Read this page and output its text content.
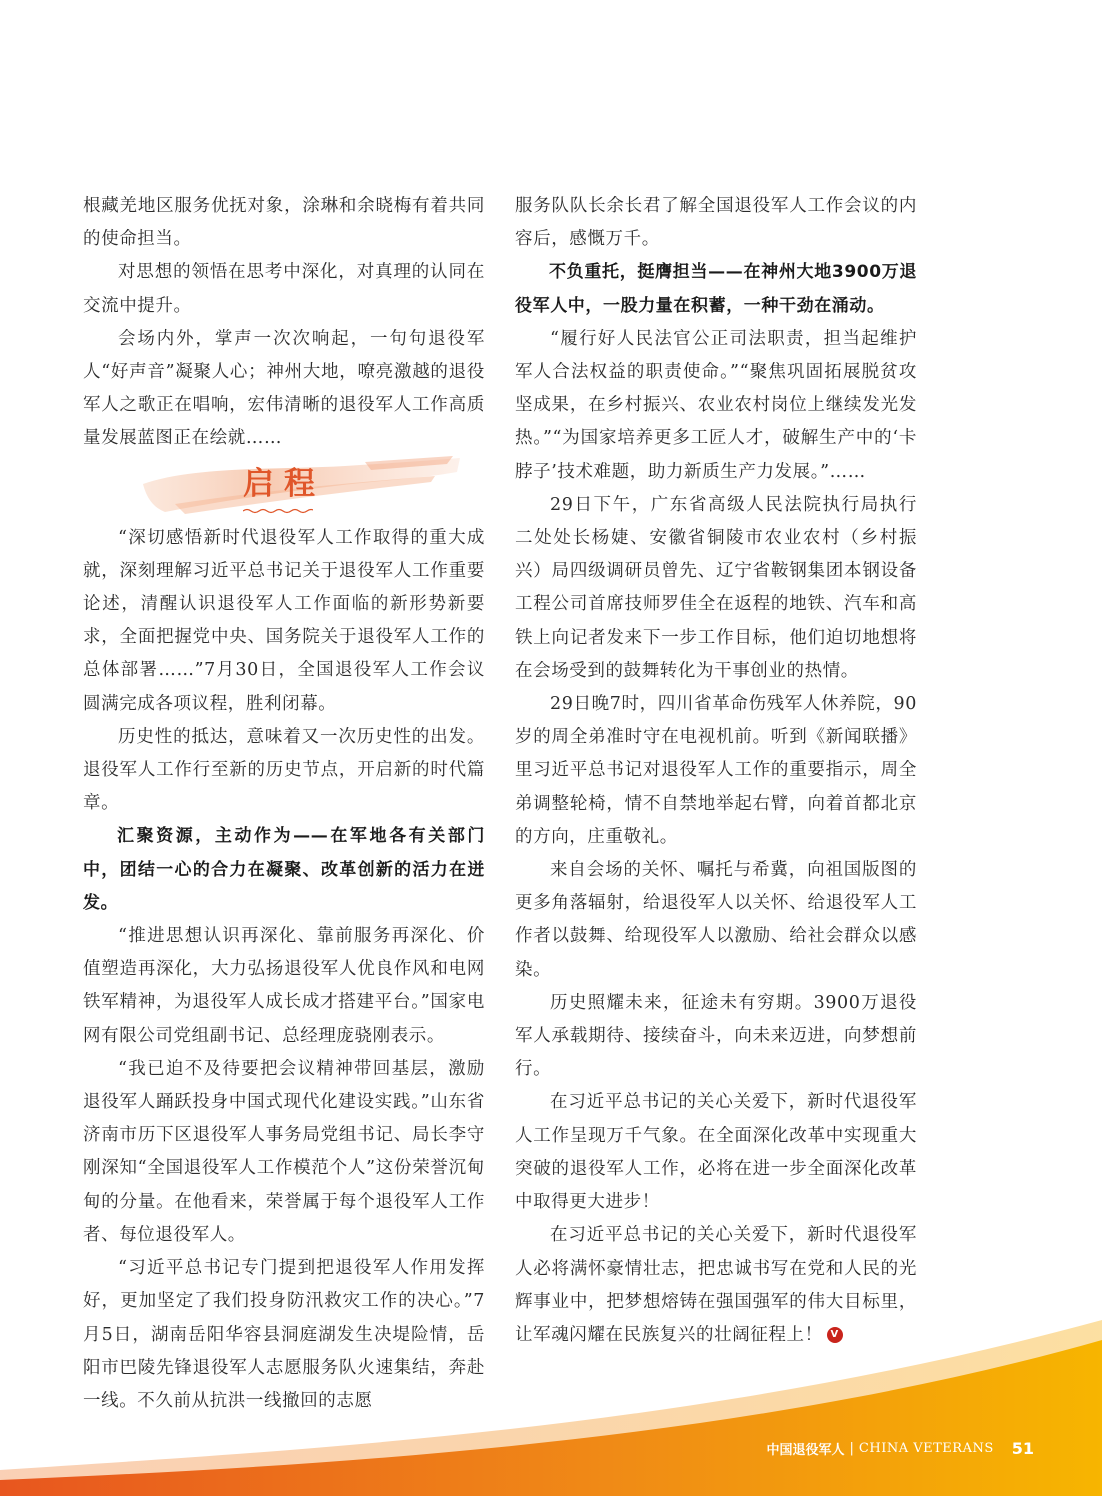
根藏羌地区服务优抚对象，涂琳和余晓梅有着共同的使命担当。

对思想的领悟在思考中深化，对真理的认同在交流中提升。

会场内外，掌声一次次响起，一句句退役军人“好声音”凝聚人心；神州大地，嘹亮激越的退役军人之歌正在唱响，宏伟清晰的退役军人工作高质量发展蓝图正在绘就……

启程

“深切感悟新时代退役军人工作取得的重大成就，深刻理解习近平总书记关于退役军人工作重要论述，清醒认识退役军人工作面临的新形势新要求，全面把握党中央、国务院关于退役军人工作的总体部署……”7月30日，全国退役军人工作会议圆满完成各项议程，胜利闭幕。

历史性的抵达，意味着又一次历史性的出发。退役军人工作行至新的历史节点，开启新的时代篇章。

汇聚资源，主动作为——在军地各有关部门中，团结一心的合力在凝聚、改革创新的活力在迸发。

“推进思想认识再深化、靠前服务再深化、价值塑造再深化，大力弘扬退役军人优良作风和电网铁军精神，为退役军人成长成才搭建平台。”国家电网有限公司党组副书记、总经理庞骁刚表示。

“我已迫不及待要把会议精神带回基层，激励退役军人踊跃投身中国式现代化建设实践。”山东省济南市历下区退役军人事务局党组书记、局长李守刚深知“全国退役军人工作模范个人”这份荣誉沉甸甸的分量。在他看来，荣誉属于每个退役军人工作者、每位退役军人。

“习近平总书记专门提到把退役军人作用发挥好，更加坚定了我们投身防汛救灾工作的决心。”7月5日，湖南岳阳华容县洞庭湖发生决堤险情，岳阳市巴陵先锋退役军人志愿服务队火速集结，奔赴一线。不久前从抗洪一线撤回的志愿

服务队队长余长君了解全国退役军人工作会议的内容后，感慨万千。

不负重托，挺膺担当——在神州大地3900万退役军人中，一股力量在积蓄，一种干劲在涌动。

“履行好人民法官公正司法职责，担当起维护军人合法权益的职责使命。”“聚焦巩固拓展脱贫攻坚成果，在乡村振兴、农业农村岗位上继续发光发热。”“为国家培养更多工匠人才，破解生产中的‘卡脖子’技术难题，助力新质生产力发展。”……

29日下午，广东省高级人民法院执行局执行二处处长杨婕、安徽省铜陵市农业农村（乡村振兴）局四级调研员曾先、辽宁省鞍钢集团本钢设备工程公司首席技师罗佳全在返程的地铁、汽车和高铁上向记者发来下一步工作目标，他们迫切地想将在会场受到的鼓舞转化为干事创业的热情。

29日晚7时，四川省革命伤残军人休养院，90岁的周全弟准时守在电视机前。听到《新闻联播》里习近平总书记对退役军人工作的重要指示，周全弟调整轮椅，情不自禁地举起右臂，向着首都北京的方向，庄重敬礼。

来自会场的关怀、嘱托与希冀，向祖国版图的更多角落辐射，给退役军人以关怀、给退役军人工作者以鼓舞、给现役军人以激励、给社会群众以感染。

历史照耀未来，征途未有穷期。3900万退役军人承载期待、接续奋斗，向未来迈进，向梦想前行。

在习近平总书记的关心关爱下，新时代退役军人工作呈现万千气象。在全面深化改革中实现重大突破的退役军人工作，必将在进一步全面深化改革中取得更大进步！

在习近平总书记的关心关爱下，新时代退役军人必将满怀豪情壮志，把忠诚书写在党和人民的光辉事业中，把梦想熔铸在强国强军的伟大目标里，让军魂闪耀在民族复兴的壮阔征程上！ V

中国退役军人 | CHINA VETERANS 51
